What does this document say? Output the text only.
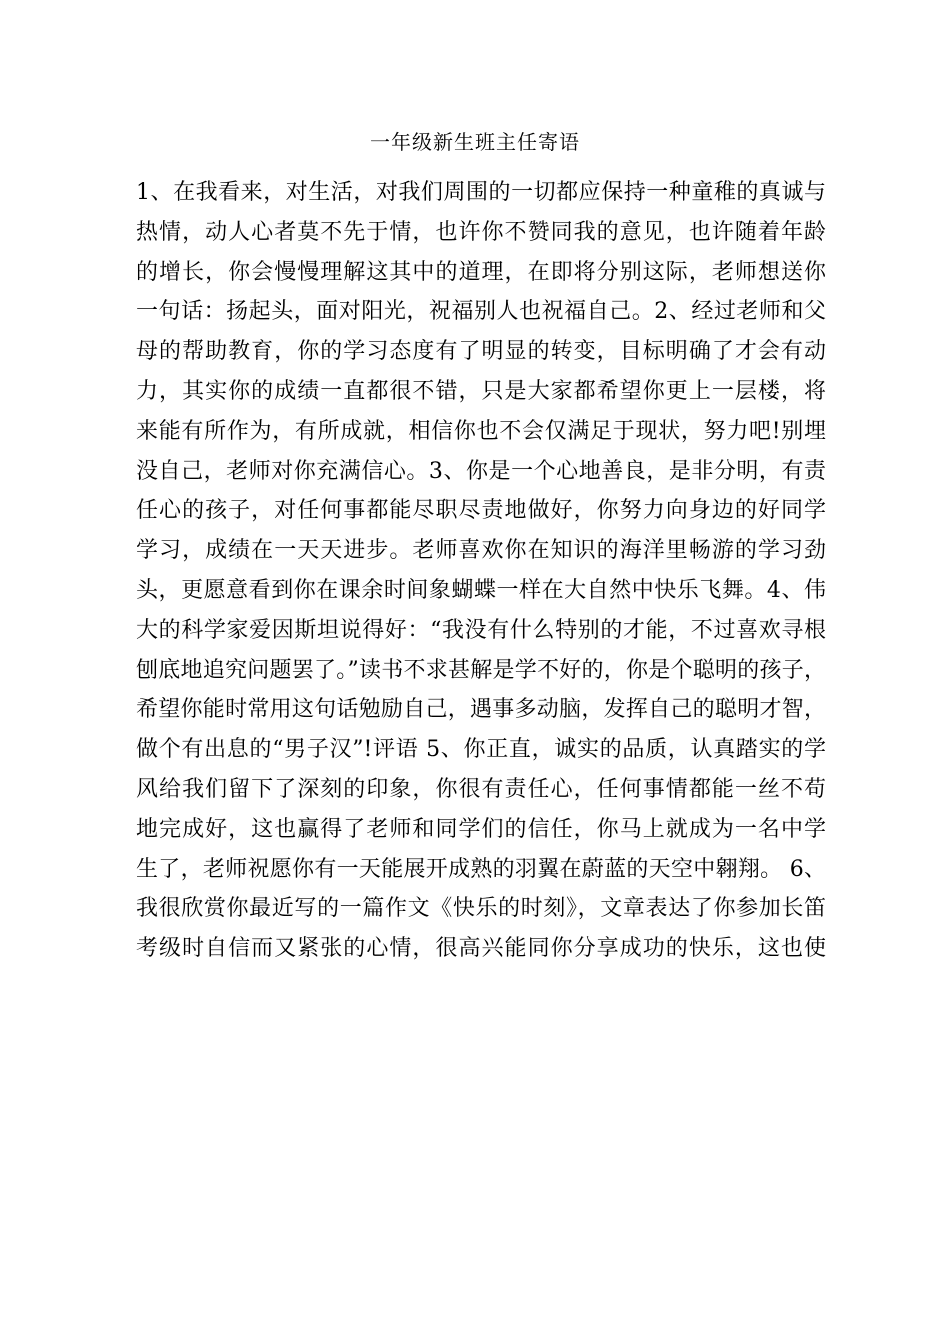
一年级新生班主任寄语
1、在我看来，对生活，对我们周围的一切都应保持一种童稚的真诚与
热情，动人心者莫不先于情，也许你不赞同我的意见，也许随着年龄
的增长，你会慢慢理解这其中的道理，在即将分别这际，老师想送你
一句话：扬起头，面对阳光，祝福别人也祝福自己。2、经过老师和父
母的帮助教育，你的学习态度有了明显的转变，目标明确了才会有动
力，其实你的成绩一直都很不错，只是大家都希望你更上一层楼，将
来能有所作为，有所成就，相信你也不会仅满足于现状，努力吧!别埋
没自己，老师对你充满信心。3、你是一个心地善良，是非分明，有责
任心的孩子，对任何事都能尽职尽责地做好，你努力向身边的好同学
学习，成绩在一天天进步。老师喜欢你在知识的海洋里畅游的学习劲
头，更愿意看到你在课余时间象蝴蝶一样在大自然中快乐飞舞。4、伟
大的科学家爱因斯坦说得好：“我没有什么特别的才能，不过喜欢寻根
刨底地追究问题罢了。”读书不求甚解是学不好的，你是个聪明的孩子，
希望你能时常用这句话勉励自己，遇事多动脑，发挥自己的聪明才智，
做个有出息的“男子汉”!评语 5、你正直，诚实的品质，认真踏实的学
风给我们留下了深刻的印象，你很有责任心，任何事情都能一丝不苟
地完成好，这也赢得了老师和同学们的信任，你马上就成为一名中学
生了，老师祝愿你有一天能展开成熟的羽翼在蔚蓝的天空中翱翔。 6、
我很欣赏你最近写的一篇作文《快乐的时刻》，文章表达了你参加长笛
考级时自信而又紧张的心情，很高兴能同你分享成功的快乐，这也使
